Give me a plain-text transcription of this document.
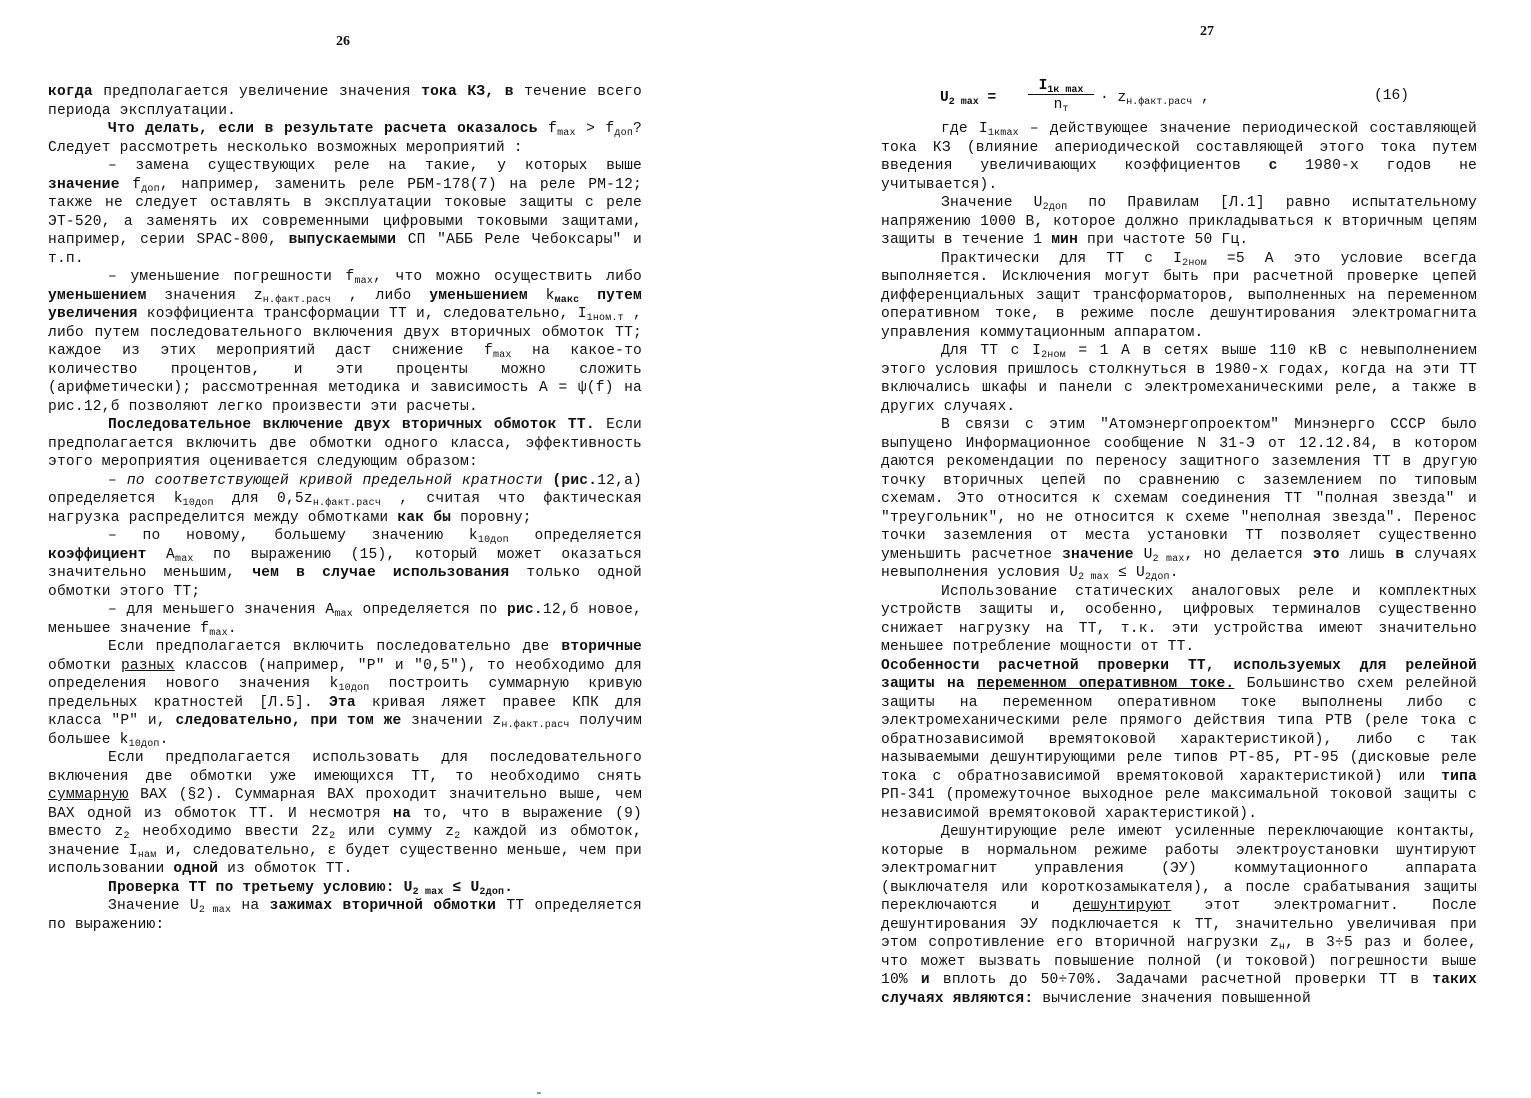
26

когда предполагается увеличение значения тока КЗ, в течение всего периода эксплуатации.

Что делать, если в результате расчета оказалось $f_{max} > f_{доп}$? Следует рассмотреть несколько возможных мероприятий :

– замена существующих реле на такие, у которых выше значение $f_{доп}$, например, заменить реле РБМ-178(7) на реле РМ-12; также не следует оставлять в эксплуатации токовые защиты с реле ЭТ-520, а заменять их современными цифровыми токовыми защитами, например, серии SPAC-800, выпускаемыми СП "АББ Реле Чебоксары" и т.п.

– уменьшение погрешности $f_{max}$, что можно осуществить либо уменьшением значения $z_{н.факт.расч}$ , либо уменьшением $k_{макс}$ путем увеличения коэффициента трансформации ТТ и, следовательно, $I_{1ном.т}$ , либо путем последовательного включения двух вторичных обмоток ТТ; каждое из этих мероприятий даст снижение $f_{max}$ на какое-то количество процентов, и эти проценты можно сложить (арифметически); рассмотренная методика и зависимость A = ψ(f) на рис.12,б позволяют легко произвести эти расчеты.

Последовательное включение двух вторичных обмоток ТТ. Если предполагается включить две обмотки одного класса, эффективность этого мероприятия оценивается следующим образом:

– по соответствующей кривой предельной кратности (рис.12,а) определяется $k_{10доп}$ для $0,5z_{н.факт.расч}$ , считая что фактическая нагрузка распределится между обмотками как бы поровну;

– по новому, большему значению $k_{10доп}$ определяется коэффициент $A_{max}$ по выражению (15), который может оказаться значительно меньшим, чем в случае использования только одной обмотки этого ТТ;

– для меньшего значения $A_{max}$ определяется по рис.12,б новое, меньшее значение $f_{max}$.

Если предполагается включить последовательно две вторичные обмотки разных классов (например, "Р" и "0,5"), то необходимо для определения нового значения $k_{10доп}$ построить суммарную кривую предельных кратностей [Л.5]. Эта кривая ляжет правее КПК для класса "Р" и, следовательно, при том же значении $z_{н.факт.расч}$ получим большее $k_{10доп}$.

Если предполагается использовать для последовательного включения две обмотки уже имеющихся ТТ, то необходимо снять суммарную ВАХ (§2). Суммарная ВАХ проходит значительно выше, чем ВАХ одной из обмоток ТТ. И несмотря на то, что в выражение (9) вместо $z_2$ необходимо ввести $2z_2$ или сумму $z_2$ каждой из обмоток, значение $I_{нам}$ и, следовательно, ε будет существенно меньше, чем при использовании одной из обмоток ТТ.

Проверка ТТ по третьему условию: $U_{2 max} \le U_{2доп}$.

Значение $U_{2 max}$ на зажимах вторичной обмотки ТТ определяется по выражению:

27

где $I_{1кmax}$ – действующее значение периодической составляющей тока КЗ (влияние апериодической составляющей этого тока путем введения увеличивающих коэффициентов с 1980-х годов не учитывается).

Значение $U_{2доп}$ по Правилам [Л.1] равно испытательному напряжению 1000 В, которое должно прикладываться к вторичным цепям защиты в течение 1 мин при частоте 50 Гц.

Практически для ТТ с $I_{2ном} =5$ А это условие всегда выполняется. Исключения могут быть при расчетной проверке цепей дифференциальных защит трансформаторов, выполненных на переменном оперативном токе, в режиме после дешунтирования электромагнита управления коммутационным аппаратом.

Для ТТ с $I_{2ном} = 1$ А в сетях выше 110 кВ с невыполнением этого условия пришлось столкнуться в 1980-х годах, когда на эти ТТ включались шкафы и панели с электромеханическими реле, а также в других случаях.

В связи с этим "Атомэнергопроектом" Минэнерго СССР было выпущено Информационное сообщение N 31-Э от 12.12.84, в котором даются рекомендации по переносу защитного заземления ТТ в другую точку вторичных цепей по сравнению с заземлением по типовым схемам. Это относится к схемам соединения ТТ "полная звезда" и "треугольник", но не относится к схеме "неполная звезда". Перенос точки заземления от места установки ТТ позволяет существенно уменьшить расчетное значение $U_{2 max}$, но делается это лишь в случаях невыполнения условия $U_{2 max} \le U_{2доп}$.

Использование статических аналоговых реле и комплектных устройств защиты и, особенно, цифровых терминалов существенно снижает нагрузку на ТТ, т.к. эти устройства имеют значительно меньшее потребление мощности от ТТ.

Особенности расчетной проверки ТТ, используемых для релейной защиты на переменном оперативном токе. Большинство схем релейной защиты на переменном оперативном токе выполнены либо с электромеханическими реле прямого действия типа РТВ (реле тока с обратнозависимой времятоковой характеристикой), либо с так называемыми дешунтирующими реле типов РТ-85, РТ-95 (дисковые реле тока с обратнозависимой времятоковой характеристикой) или типа РП-341 (промежуточное выходное реле максимальной токовой защиты с независимой времятоковой характеристикой).

Дешунтирующие реле имеют усиленные переключающие контакты, которые в нормальном режиме работы электроустановки шунтируют электромагнит управления (ЭУ) коммутационного аппарата (выключателя или короткозамыкателя), а после срабатывания защиты переключаются и дешунтируют этот электромагнит. После дешунтирования ЭУ подключается к ТТ, значительно увеличивая при этом сопротивление его вторичной нагрузки $z_н$, в 3÷5 раз и более, что может вызвать повышение полной (и токовой) погрешности выше 10% и вплоть до 50÷70%. Задачами расчетной проверки ТТ в таких случаях являются: вычисление значения повышенной

$U_{2 max}$ =
$I_{1к max}$
$n_т$
· $z_{н.факт.расч}$ ,	(16)
